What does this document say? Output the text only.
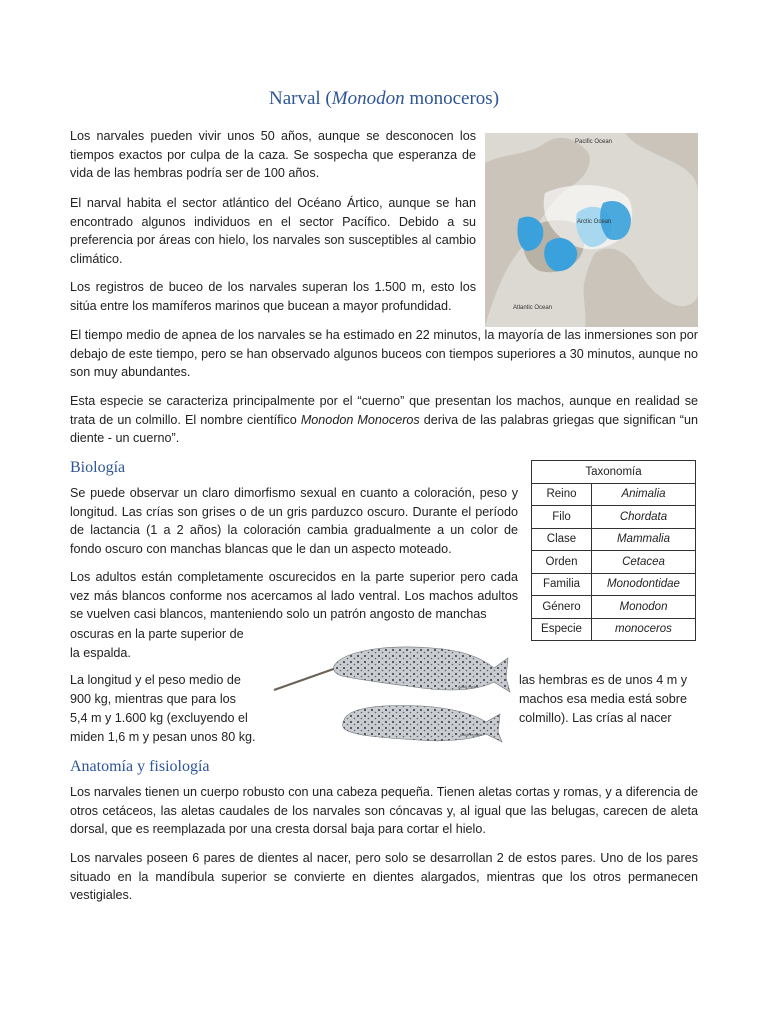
Narval (Monodon monoceros)

Los narvales pueden vivir unos 50 años, aunque se desconocen los tiempos exactos por culpa de la caza. Se sospecha que esperanza de vida de las hembras podría ser de 100 años.

El narval habita el sector atlántico del Océano Ártico, aunque se han encontrado algunos individuos en el sector Pacífico. Debido a su preferencia por áreas con hielo, los narvales son susceptibles al cambio climático.

Los registros de buceo de los narvales superan los 1.500 m, esto los sitúa entre los mamíferos marinos que bucean a mayor profundidad.

El tiempo medio de apnea de los narvales se ha estimado en 22 minutos, la mayoría de las inmersiones son por debajo de este tiempo, pero se han observado algunos buceos con tiempos superiores a 30 minutos, aunque no son muy abundantes.

Esta especie se caracteriza principalmente por el “cuerno” que presentan los machos, aunque en realidad se trata de un colmillo. El nombre científico Monodon Monoceros deriva de las palabras griegas que significan “un diente - un cuerno”.

Pacific Ocean
Arctic Ocean
Atlantic Ocean
Biología

Se puede observar un claro dimorfismo sexual en cuanto a coloración, peso y longitud. Las crías son grises o de un gris parduzco oscuro. Durante el período de lactancia (1 a 2 años) la coloración cambia gradualmente a un color de fondo oscuro con manchas blancas que le dan un aspecto moteado.

Los adultos están completamente oscurecidos en la parte superior pero cada vez más blancos conforme nos acercamos al lado ventral. Los machos adultos se vuelven casi blancos, manteniendo solo un patrón angosto de manchas

oscuras en la parte superior de
la espalda.
La longitud y el peso medio de
900 kg, mientras que para los
5,4 m y 1.600 kg (excluyendo el
miden 1,6 m y pesan unos 80 kg.
las hembras es de unos 4 m y
machos esa media está sobre
colmillo). Las crías al nacer
Adult male
Adult female
Taxonomía	
Reino	Animalia
Filo	Chordata
Clase	Mammalia
Orden	Cetacea
Familia	Monodontidae
Género	Monodon
Especie	monoceros
Anatomía y fisiología

Los narvales tienen un cuerpo robusto con una cabeza pequeña. Tienen aletas cortas y romas, y a diferencia de otros cetáceos, las aletas caudales de los narvales son cóncavas y, al igual que las belugas, carecen de aleta dorsal, que es reemplazada por una cresta dorsal baja para cortar el hielo.

Los narvales poseen 6 pares de dientes al nacer, pero solo se desarrollan 2 de estos pares. Uno de los pares situado en la mandíbula superior se convierte en dientes alargados, mientras que los otros permanecen vestigiales.
